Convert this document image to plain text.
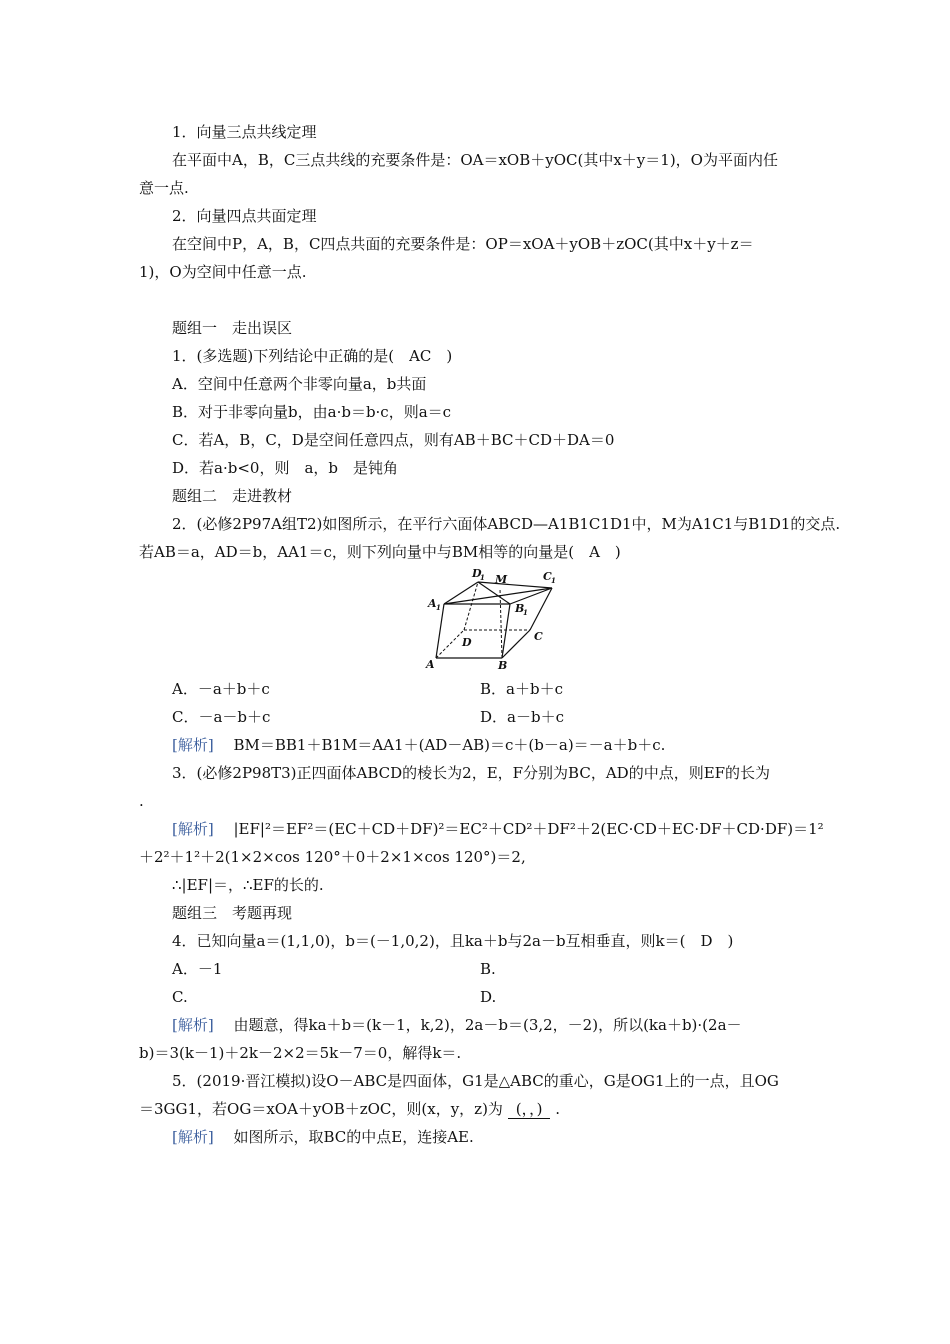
1．向量三点共线定理
在平面中A，B，C三点共线的充要条件是：OA＝xOB＋yOC(其中x＋y＝1)，O为平面内任
意一点.
2．向量四点共面定理
在空间中P，A，B，C四点共面的充要条件是：OP＝xOA＋yOB＋zOC(其中x＋y＋z＝
1)，O为空间中任意一点.
题组一　走出误区
1．(多选题)下列结论中正确的是(　AC　)
A．空间中任意两个非零向量a，b共面
B．对于非零向量b，由a·b＝b·c，则a＝c
C．若A，B，C，D是空间任意四点，则有AB＋BC＋CD＋DA＝0
D．若a·b<0，则　a，b　是钝角
题组二　走进教材
2．(必修2P97A组T2)如图所示，在平行六面体ABCD—A1B1C1D1中，M为A1C1与B1D1的交点.
若AB＝a，AD＝b，AA1＝c，则下列向量中与BM相等的向量是(　A　)
A	B
C
D
A 1	B
1
C 1
D
1 M
A．－a＋b＋c	B．a＋b＋c
C．－a－b＋c	D．a－b＋c
[解析]　 BM＝BB1＋B1M＝AA1＋(AD－AB)＝c＋(b－a)＝－a＋b＋c.
3．(必修2P98T3)正四面体ABCD的棱长为2，E，F分别为BC，AD的中点，则EF的长为
.
[解析]　 |EF|²＝EF²＝(EC＋CD＋DF)²＝EC²＋CD²＋DF²＋2(EC·CD＋EC·DF＋CD·DF)＝1²
＋2²＋1²＋2(1×2×cos 120°＋0＋2×1×cos 120°)＝2,
∴|EF|＝，∴EF的长的.
题组三　考题再现
4．已知向量a＝(1,1,0)，b＝(－1,0,2)，且ka＋b与2a－b互相垂直，则k＝(　D　)
A．－1	B.
C.	D.
[解析]　 由题意，得ka＋b＝(k－1，k,2)，2a－b＝(3,2，－2)，所以(ka＋b)·(2a－
b)＝3(k－1)＋2k－2×2＝5k－7＝0，解得k＝.
5．(2019·晋江模拟)设O－ABC是四面体，G1是△ABC的重心，G是OG1上的一点，且OG
＝3GG1，若OG＝xOA＋yOB＋zOC，则(x，y，z)为 (，，) .
[解析]　 如图所示，取BC的中点E，连接AE.
